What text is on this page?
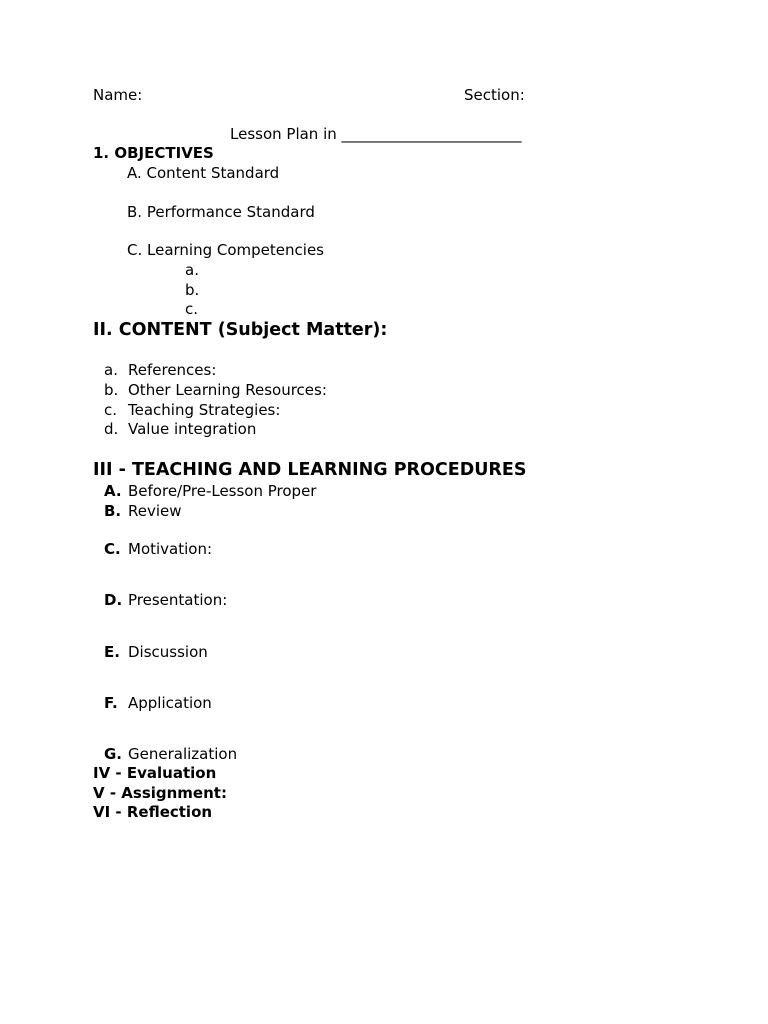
Name:	Section:
Lesson Plan in ________________________
1. OBJECTIVES
A. Content Standard
B. Performance Standard
C. Learning Competencies
a.
b.
c.
II. CONTENT (Subject Matter):
a. References:
b. Other Learning Resources:
c. Teaching Strategies:
d. Value integration
III - TEACHING AND LEARNING PROCEDURES
A. Before/Pre-Lesson Proper
B. Review
C. Motivation:
D. Presentation:
E. Discussion
F. Application
G. Generalization
IV - Evaluation
V - Assignment:
VI - Reflection
